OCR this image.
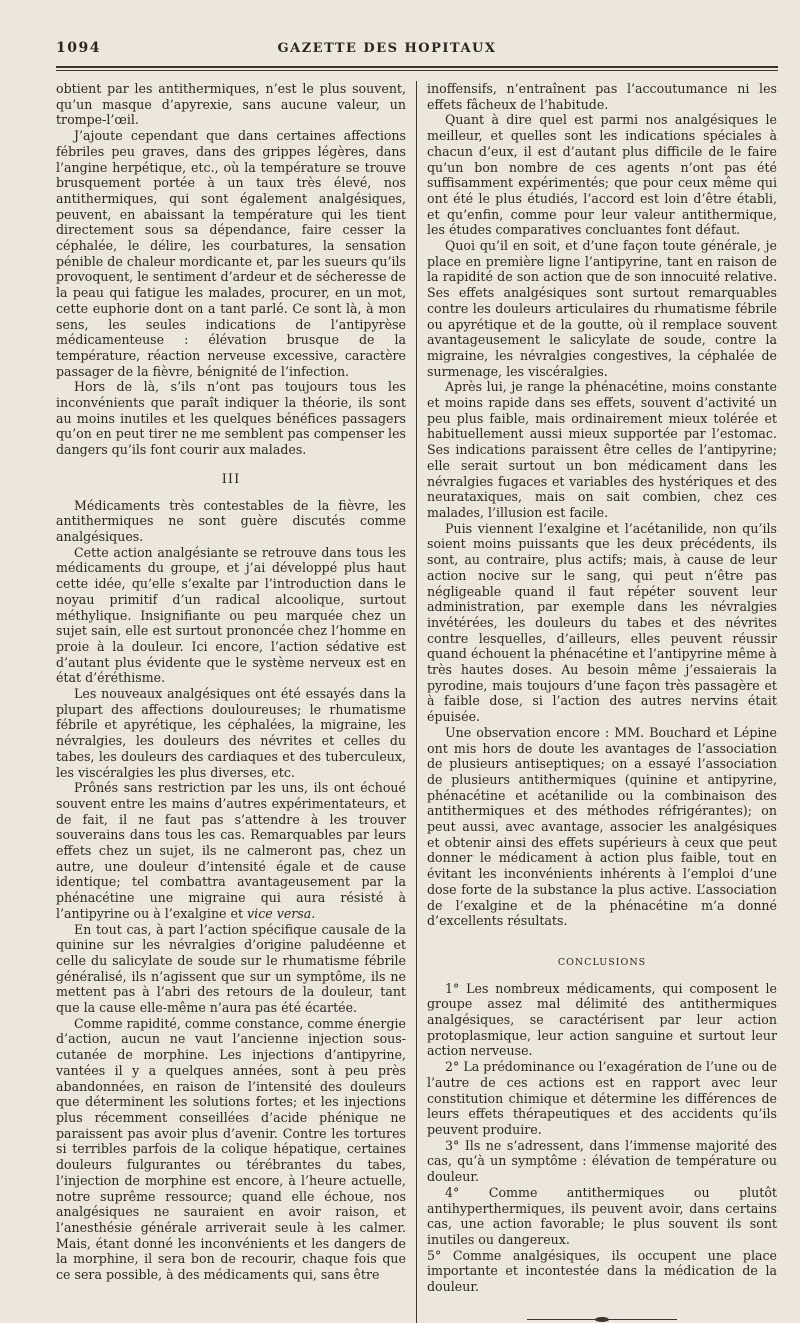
1094	GAZETTE DES HOPITAUX

obtient par les antithermiques, n’est le plus souvent, qu’un masque d’apyrexie, sans aucune valeur, un trompe-l’œil.

J’ajoute cependant que dans certaines affections fébriles peu graves, dans des grippes légères, dans l’angine herpétique, etc., où la température se trouve brusquement portée à un taux très élevé, nos antithermiques, qui sont également analgésiques, peuvent, en abaissant la température qui les tient directement sous sa dépendance, faire cesser la céphalée, le délire, les courbatures, la sensation pénible de chaleur mordicante et, par les sueurs qu’ils provoquent, le sentiment d’ardeur et de sécheresse de la peau qui fatigue les malades, procurer, en un mot, cette euphorie dont on a tant parlé. Ce sont là, à mon sens, les seules indications de l’antipyrèse médicamenteuse : élévation brusque de la température, réaction nerveuse excessive, caractère passager de la fièvre, bénignité de l’infection.

Hors de là, s’ils n’ont pas toujours tous les inconvénients que paraît indiquer la théorie, ils sont au moins inutiles et les quelques bénéfices passagers qu’on en peut tirer ne me semblent pas compenser les dangers qu’ils font courir aux malades.

III

Médicaments très contestables de la fièvre, les antithermiques ne sont guère discutés comme analgésiques.

Cette action analgésiante se retrouve dans tous les médicaments du groupe, et j’ai développé plus haut cette idée, qu’elle s’exalte par l’introduction dans le noyau primitif d’un radical alcoolique, surtout méthylique. Insignifiante ou peu marquée chez un sujet sain, elle est surtout prononcée chez l’homme en proie à la douleur. Ici encore, l’action sédative est d’autant plus évidente que le système nerveux est en état d’éréthisme.

Les nouveaux analgésiques ont été essayés dans la plupart des affections douloureuses; le rhumatisme fébrile et apyrétique, les céphalées, la migraine, les névralgies, les douleurs des névrites et celles du tabes, les douleurs des cardiaques et des tuberculeux, les viscéralgies les plus diverses, etc.

Prônés sans restriction par les uns, ils ont échoué souvent entre les mains d’autres expérimentateurs, et de fait, il ne faut pas s’attendre à les trouver souverains dans tous les cas. Remarquables par leurs effets chez un sujet, ils ne calmeront pas, chez un autre, une douleur d’intensité égale et de cause identique; tel combattra avantageusement par la phénacétine une migraine qui aura résisté à l’antipyrine ou à l’exalgine et vice versa.

En tout cas, à part l’action spécifique causale de la quinine sur les névralgies d’origine paludéenne et celle du salicylate de soude sur le rhumatisme fébrile généralisé, ils n’agissent que sur un symptôme, ils ne mettent pas à l’abri des retours de la douleur, tant que la cause elle-même n’aura pas été écartée.

Comme rapidité, comme constance, comme énergie d’action, aucun ne vaut l’ancienne injection sous-cutanée de morphine. Les injections d’antipyrine, vantées il y a quelques années, sont à peu près abandonnées, en raison de l’intensité des douleurs que déterminent les solutions fortes; et les injections plus récemment conseillées d’acide phénique ne paraissent pas avoir plus d’avenir. Contre les tortures si terribles parfois de la colique hépatique, certaines douleurs fulgurantes ou térébrantes du tabes, l’injection de morphine est encore, à l’heure actuelle, notre suprême ressource; quand elle échoue, nos analgésiques ne sauraient en avoir raison, et l’anesthésie générale arriverait seule à les calmer. Mais, étant donné les inconvénients et les dangers de la morphine, il sera bon de recourir, chaque fois que ce sera possible, à des médicaments qui, sans être

inoffensifs, n’entraînent pas l’accoutumance ni les effets fâcheux de l’habitude.

Quant à dire quel est parmi nos analgésiques le meilleur, et quelles sont les indications spéciales à chacun d’eux, il est d’autant plus difficile de le faire qu’un bon nombre de ces agents n’ont pas été suffisamment expérimentés; que pour ceux même qui ont été le plus étudiés, l’accord est loin d’être établi, et qu’enfin, comme pour leur valeur antithermique, les études comparatives concluantes font défaut.

Quoi qu’il en soit, et d’une façon toute générale, je place en première ligne l’antipyrine, tant en raison de la rapidité de son action que de son innocuité relative. Ses effets analgésiques sont surtout remarquables contre les douleurs articulaires du rhumatisme fébrile ou apyrétique et de la goutte, où il remplace souvent avantageusement le salicylate de soude, contre la migraine, les névralgies congestives, la céphalée de surmenage, les viscéralgies.

Après lui, je range la phénacétine, moins constante et moins rapide dans ses effets, souvent d’activité un peu plus faible, mais ordinairement mieux tolérée et habituellement aussi mieux supportée par l’estomac. Ses indications paraissent être celles de l’antipyrine; elle serait surtout un bon médicament dans les névralgies fugaces et variables des hystériques et des neurataxiques, mais on sait combien, chez ces malades, l’illusion est facile.

Puis viennent l’exalgine et l’acétanilide, non qu’ils soient moins puissants que les deux précédents, ils sont, au contraire, plus actifs; mais, à cause de leur action nocive sur le sang, qui peut n’être pas négligeable quand il faut répéter souvent leur administration, par exemple dans les névralgies invétérées, les douleurs du tabes et des névrites contre lesquelles, d’ailleurs, elles peuvent réussir quand échouent la phénacétine et l’antipyrine même à très hautes doses. Au besoin même j’essaierais la pyrodine, mais toujours d’une façon très passagère et à faible dose, si l’action des autres nervins était épuisée.

Une observation encore : MM. Bouchard et Lépine ont mis hors de doute les avantages de l’association de plusieurs antiseptiques; on a essayé l’association de plusieurs antithermiques (quinine et antipyrine, phénacétine et acétanilide ou la combinaison des antithermiques et des méthodes réfrigérantes); on peut aussi, avec avantage, associer les analgésiques et obtenir ainsi des effets supérieurs à ceux que peut donner le médicament à action plus faible, tout en évitant les inconvénients inhérents à l’emploi d’une dose forte de la substance la plus active. L’association de l’exalgine et de la phénacétine m’a donné d’excellents résultats.

CONCLUSIONS

1° Les nombreux médicaments, qui composent le groupe assez mal délimité des antithermiques analgésiques, se caractérisent par leur action protoplasmique, leur action sanguine et surtout leur action nerveuse.

2° La prédominance ou l’exagération de l’une ou de l’autre de ces actions est en rapport avec leur constitution chimique et détermine les différences de leurs effets thérapeutiques et des accidents qu’ils peuvent produire.

3° Ils ne s’adressent, dans l’immense majorité des cas, qu’à un symptôme : élévation de température ou douleur.

4° Comme antithermiques ou plutôt antihyperthermiques, ils peuvent avoir, dans certains cas, une action favorable; le plus souvent ils sont inutiles ou dangereux.

5° Comme analgésiques, ils occupent une place importante et incontestée dans la médication de la douleur.
